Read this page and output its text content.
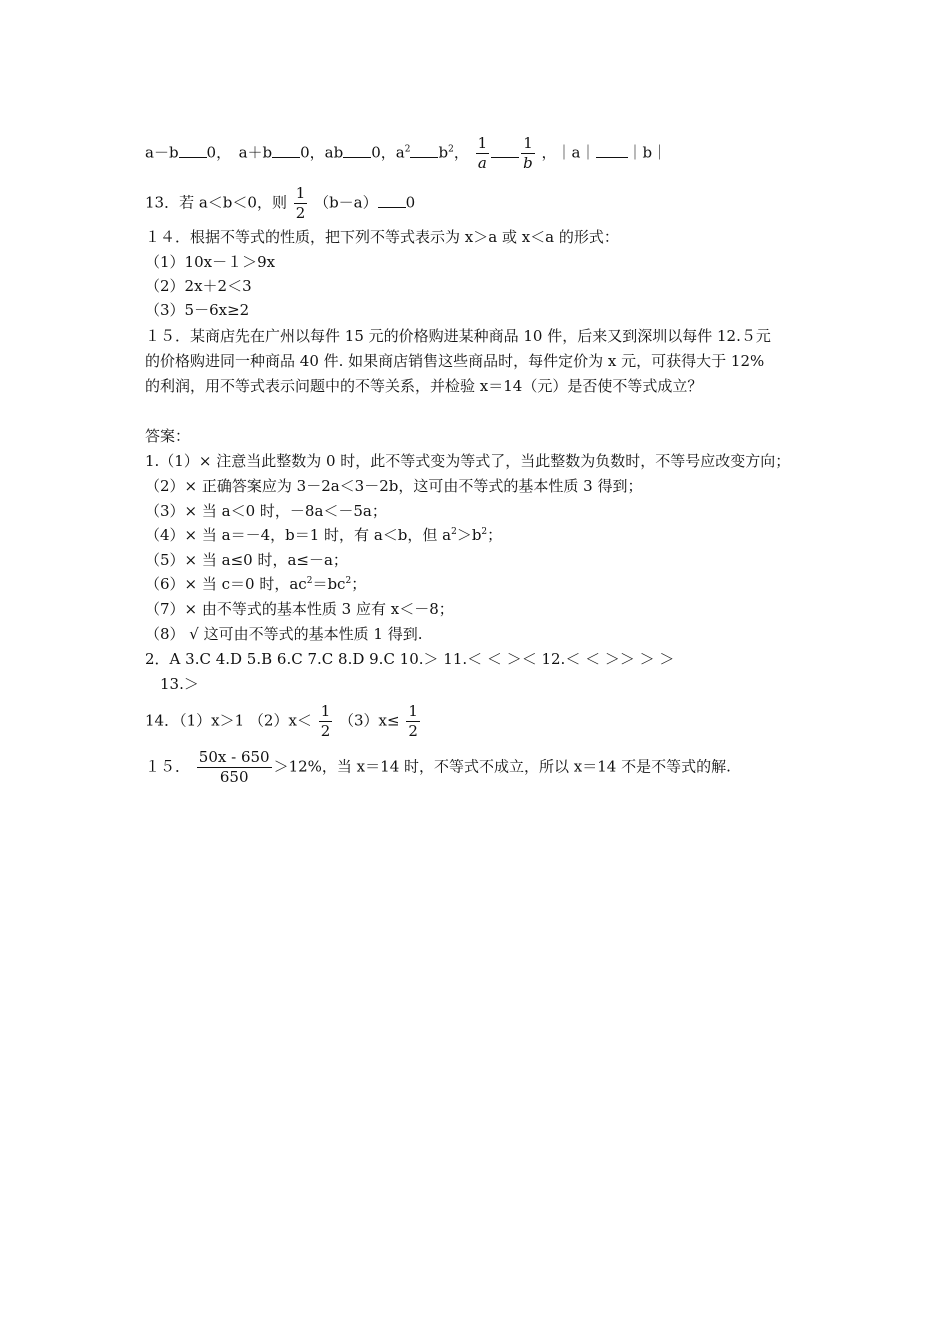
a－b 0，　a＋b 0，ab 0，$a^2$ $b^2$， $\frac{1}{a} \frac{1}{b}$ ，｜a｜ ｜b｜
13．若 a＜b＜0，则 $\frac{1}{2} (b-a)$ 0
１４．根据不等式的性质，把下列不等式表示为 x＞a 或 x＜a 的形式：
（1）10x－１＞9x
（2）2x＋2＜3
（3）5－6x≥2
１５．某商店先在广州以每件 15 元的价格购进某种商品 10 件，后来又到深圳以每件 12.５元
的价格购进同一种商品 40 件. 如果商店销售这些商品时，每件定价为 x 元，可获得大于 12%
的利润，用不等式表示问题中的不等关系，并检验 x＝14（元）是否使不等式成立？
答案：
1.（1）× 注意当此整数为 0 时，此不等式变为等式了，当此整数为负数时，不等号应改变方向；
（2）× 正确答案应为 3－2a＜3－2b，这可由不等式的基本性质 3 得到；
（3）× 当 a＜0 时，－8a＜－5a；
（4）× 当 a＝－4，b＝1 时，有 a＜b，但 $a^2>b^2$；
（5）× 当 a≤0 时，a≤－a；
（6）× 当 c＝0 时，$ac^2=bc^2$；
（7）× 由不等式的基本性质 3 应有 x＜－8；
（8） √ 这可由不等式的基本性质 1 得到.
2．A 3.C 4.D 5.B 6.C 7.C 8.D 9.C 10.＞ 11.＜ ＜ ＞＜ 12.＜ ＜ ＞＞ ＞ ＞
13.＞
14．（1）x＞1 $(2)x< \frac{1}{2} (3)x\le \frac{1}{2}$
１５． $\frac{50x - 650}{650} >12\%$，当 x＝14 时，不等式不成立，所以 x＝14 不是不等式的解.
